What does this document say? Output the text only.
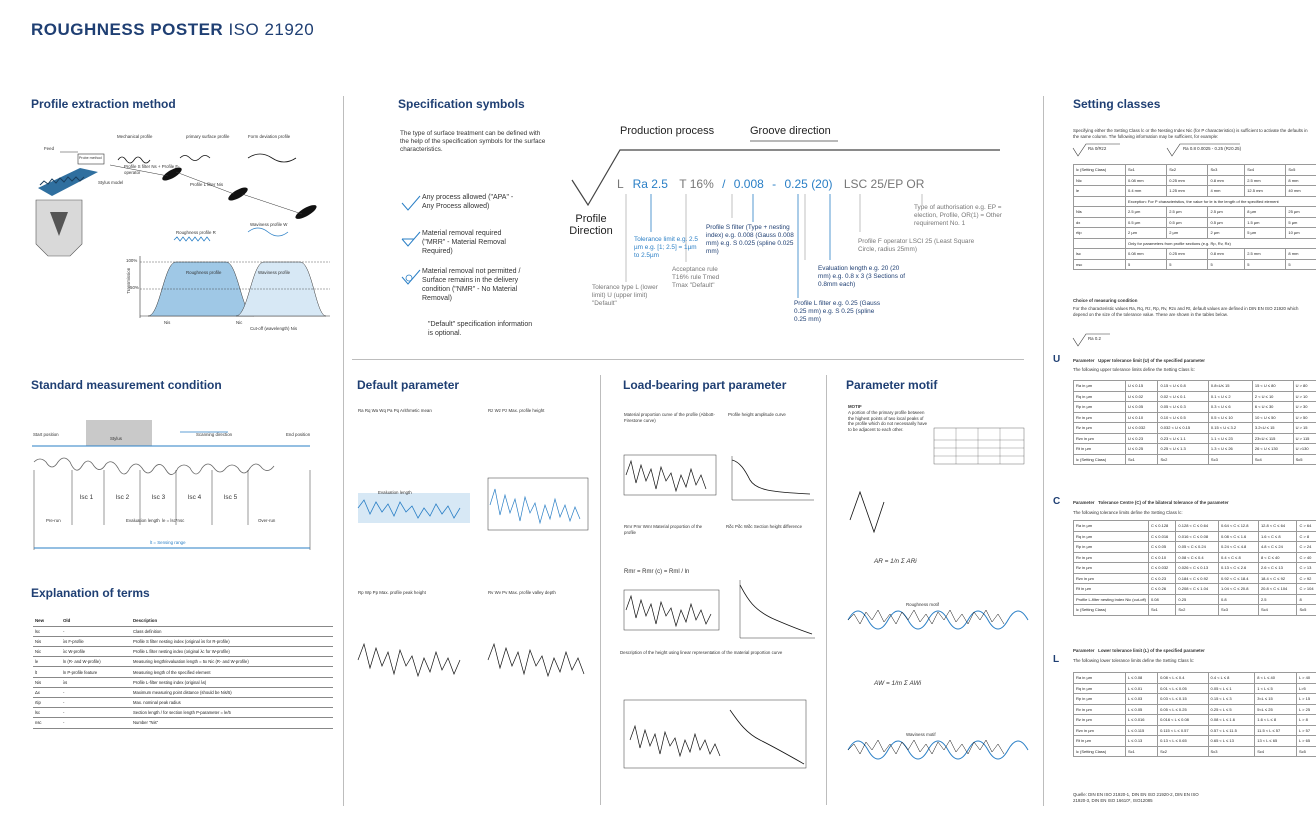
ROUGHNESS POSTER ISO 21920
Profile extraction method
Standard measurement condition
Explanation of terms
Specification symbols
Default parameter	Load-bearing part parameter	Parameter motif
Setting classes
Mechanical profile	primary surface profile	Form deviation profile
Feed
Probe method
Stylus model
Profile S filter Ns + Profile F-operator
Profile L filter Nis
Roughness profile R
Waviness profile W
Roughness profile	Waviness profile
100%
50%
Transmission
Cut-off (wavelength) Nis
Nis	Nic
Start position
Stylus
Scanning direction	End position
lsc 1	lsc 2	lsc 3	lsc 4	lsc 5
Pre-run	Evaluation length le = lsc*nsc	Over-run
lt = Sensing range
New	Old	Description
lsc	-	Class definition
Nis	λs F-profile	Profile S filter nesting index (original λs for R-profile)
Nic	λc W-profile	Profile L filter nesting index (original λc for W-profile)
le	ln (R- and W-profile)	Measuring length/evaluation length = 5x Nic (R- and W-profile)
lt	ln P-profile feature	Measuring length of the specified element
Nis	λs	Profile L-filter nesting index (original λs)
Δx	-	Maximum measuring point distance (should be Nis/5)
rtip	-	Max. nominal peak radius
lsc	-	Section length / for section length P-parameter = le/5
nsc	-	Number "Nis"
The type of surface treatment can be defined with the help of the specification symbols for the surface characteristics.
Any process allowed ("APA" - Any Process allowed)
Material removal required ("MRR" - Material Removal Required)
Material removal not permitted / Surface remains in the delivery condition ("NMR" - No Material Removal)
"Default" specification information is optional.
Production process	Groove direction
Profile Direction
L Ra 2.5 T 16% / 0.008 - 0.25 (20) LSC 25/EP OR
Type of authorisation e.g. EP = election, Profile, OR(1) = Other requirement No. 1
Profile F operator LSCI 25 (Least Square Circle, radius 25mm)
Evaluation length e.g. 20 (20 mm) e.g. 0.8 x 3 (3 Sections of 0.8mm each)
Profile S filter (Type + nesting index) e.g. 0.008 (Gauss 0.008 mm) e.g. S 0.025 (spline 0.025 mm)
Profile L filter e.g. 0.25 (Gauss 0.25 mm) e.g. S 0.25 (spline 0.25 mm)
Tolerance limit e.g. 2.5 µm e.g. [1; 2.5] = 1µm to 2.5µm
Acceptance rule T16% rule Tmed Tmax "Default"
Tolerance type L (lower limit) U (upper limit) "Default"
Ra Rq Wa Wq Pa Pq Arithmetic mean	Rz Wz Pz Max. profile height
Rp Wp Pp Max. profile peak height	Rv Wv Pv Max. profile valley depth
Evaluation length
Material proportion curve of the profile (Abbott-Firestone curve)
Profile height amplitude curve
Rmr Pmr Wmr Material proportion of the profile
Rmr = Rmr (c) = Rml / ln
Rδc Pδc Wδc Section height difference
Description of the height using linear representation of the material proportion curve
MOTIF
A portion of the primary profile between the highest points of two local peaks of the profile which do not necessarily have to be adjacent to each other.
AR = 1/n Σ ARi
AW = 1/m Σ AWi
Roughness motif
Waviness motif
Specifying either the Setting Class lc or the Nesting Index Nic (for P characteristics) is sufficient to activate the defaults in the same column. The following information may be sufficient, for example:
Ra 0/Rz2	Ra 0.8 0.0025 - 0.25 (Rz0.25)
lc (Setting Class)	Sc1	Sc2	Sc3	Sc4	Sc5
Nic	0.08 mm	0.25 mm	0.8 mm	2.5 mm	8 mm
le	0.4 mm	1.25 mm	4 mm	12.5 mm	40 mm
	Exception: For P characteristics, the value for le is the length of the specified element				
Nis	2.5 µm	2.5 µm	2.5 µm	8 µm	25 µm
dx	0.5 µm	0.5 µm	0.5 µm	1.5 µm	5 µm
rtip	2 µm	2 µm	2 µm	5 µm	10 µm
	Only for parameters from profile sections (e.g. Rp, Rv, Rz)				
lsc	0.08 mm	0.25 mm	0.8 mm	2.5 mm	8 mm
nsc	5	5	5	5	5
Choice of measuring condition
For the characteristic values Ra, Rq, Rz, Rp, Rv, Rzx and Rt, default values are defined in DIN EN ISO 21920 which depend on the size of the tolerance value. These are shown in the tables below.
Ra 0.2
U	Parameter Upper tolerance limit (U) of the specified parameter
The following upper tolerance limits define the Setting Class lc:
Ra in µm	U ≤ 0.15	0.15 < U ≤ 0.8	0.8<U≤ 15	15 < U ≤ 80	U > 80
Rq in µm	U ≤ 0.02	0.02 < U ≤ 0.1	0.1 < U ≤ 2	2 < U ≤ 10	U > 10
Rp in µm	U ≤ 0.05	0.05 < U ≤ 0.3	0.3 < U ≤ 6	6 < U ≤ 30	U > 30
Rv in µm	U ≤ 0.10	0.10 < U ≤ 0.5	0.5 < U ≤ 10	10 < U ≤ 50	U > 50
Rz in µm	U ≤ 0.032	0.032 < U ≤ 0.15	0.15 < U ≤ 3.2	3.2<U ≤ 15	U > 15
Rzx in µm	U ≤ 0.23	0.23 < U ≤ 1.1	1.1 < U ≤ 23	23<U ≤ 115	U > 115
Rt in µm	U ≤ 0.25	0.25 < U ≤ 1.3	1.3 < U ≤ 26	26 < U ≤ 130	U >130
lc (Setting Class)	Sc1	Sc2	Sc3	Sc4	Sc5
C	Parameter Tolerance Centre (C) of the bilateral tolerance of the parameter
The following tolerance limits define the Setting Class lc:
Ra in µm	C ≤ 0.128	0.128 < C ≤ 0.64	0.64 < C ≤ 12.8	12.8 < C ≤ 64	C > 64
Rq in µm	C ≤ 0.016	0.016 < C ≤ 0.08	0.08 < C ≤ 1.6	1.6 < C ≤ 8	C > 8
Rp in µm	C ≤ 0.05	0.05 < C ≤ 0.24	0.24 < C ≤ 4.8	4.8 < C ≤ 24	C > 24
Rv in µm	C ≤ 0.10	0.08 < C ≤ 0.4	0.4 < C ≤ 8	8 < C ≤ 40	C > 40
Rz in µm	C ≤ 0.032	0.026 < C ≤ 0.13	0.13 < C ≤ 2.6	2.6 < C ≤ 13	C > 13
Rzx in µm	C ≤ 0.23	0.184 < C ≤ 0.92	0.92 < C ≤ 18.4	18.4 < C ≤ 92	C > 92
Rt in µm	C ≤ 0.26	0.208 < C ≤ 1.04	1.04 < C ≤ 20.8	20.8 < C ≤ 104	C > 104
Profile L-filter nesting index Nic (cut-off)	0.08	0.25	0.8	2.5	8
lc (Setting Class)	Sc1	Sc2	Sc3	Sc4	Sc5
L
Parameter Lower tolerance limit (L) of the specified parameter
The following lower tolerance limits define the Setting Class lc:
Ra in µm	L ≤ 0.08	0.08 < L ≤ 0.4	0.4 < L ≤ 8	8 < L ≤ 40	L > 40
Rq in µm	L ≤ 0.01	0.01 < L ≤ 0.05	0.05 < L ≤ 1	1 < L ≤ 5	L>5
Rp in µm	L ≤ 0.03	0.03 < L ≤ 0.15	0.15 < L ≤ 3	3<L ≤ 15	L > 15
Rv in µm	L ≤ 0.05	0.05 < L ≤ 0.25	0.25 < L ≤ 5	5<L ≤ 25	L > 25
Rz in µm	L ≤ 0.016	0.016 < L ≤ 0.08	0.08 < L ≤ 1.6	1.6 < L ≤ 8	L > 8
Rzx in µm	L ≤ 0.115	0.115 < L ≤ 0.57	0.57 < L ≤ 11.5	11.5 < L ≤ 57	L > 57
Rt in µm	L ≤ 0.13	0.13 < L ≤ 0.65	0.65 < L ≤ 13	13 < L ≤ 65	L > 65
lc (Setting Class)	Sc1	Sc2	Sc3	Sc4	Sc5
Quelle: DIN EN ISO 21920-1, DIN EN ISO 21920-2, DIN EN ISO 21920-3, DIN EN ISO 16610*, ISO12085
